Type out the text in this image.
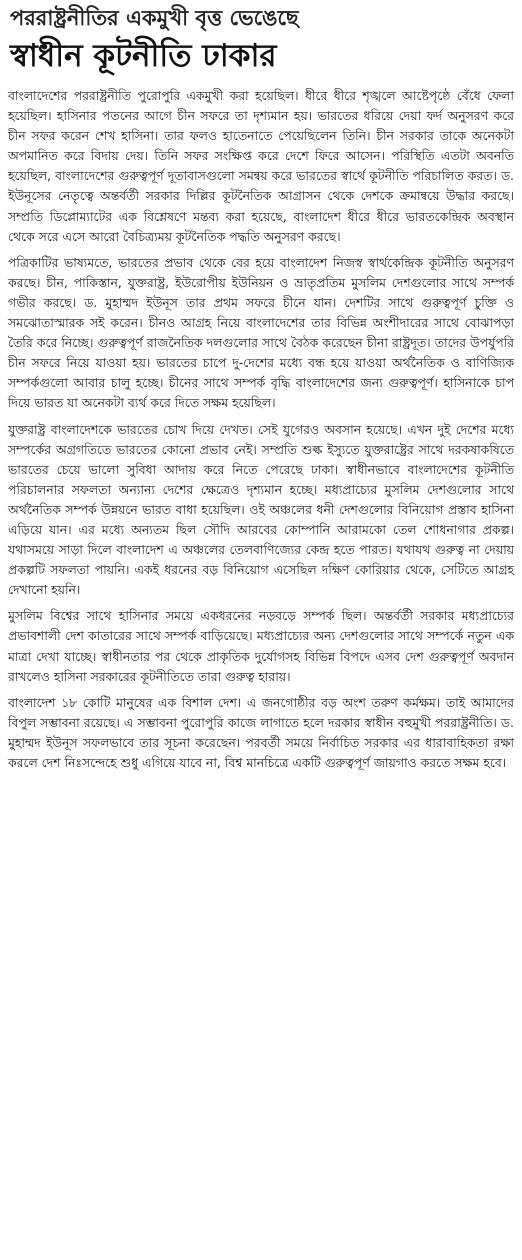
পররাষ্ট্রনীতির একমুখী বৃত্ত ভেঙেছে
স্বাধীন কূটনীতি ঢাকার

বাংলাদেশের পররাষ্ট্রনীতি পুরোপুরি একমুখী করা হয়েছিল। ধীরে ধীরে শৃঙ্খলে আষ্টেপৃষ্ঠে বেঁধে ফেলা হয়েছিল। হাসিনার পতনের আগে চীন সফরে তা দৃশ্যমান হয়। ভারতের ধরিয়ে দেয়া ফর্দ অনুসরণ করে চীন সফর করেন শেখ হাসিনা। তার ফলও হাতেনাতে পেয়েছিলেন তিনি। চীন সরকার তাকে অনেকটা অপমানিত করে বিদায় দেয়। তিনি সফর সংক্ষিপ্ত করে দেশে ফিরে আসেন। পরিস্থিতি এতটা অবনতি হয়েছিল, বাংলাদেশের গুরুত্বপূর্ণ দূতাবাসগুলো সমন্বয় করে ভারতের স্বার্থে কূটনীতি পরিচালিত করত। ড. ইউনূসের নেতৃত্বে অন্তর্বর্তী সরকার দিল্লির কূটনৈতিক আগ্রাসন থেকে দেশকে ক্রমান্বয়ে উদ্ধার করছে। সম্প্রতি ডিপ্লোম্যাটের এক বিশ্লেষণে মন্তব্য করা হয়েছে, বাংলাদেশ ধীরে ধীরে ভারতকেন্দ্রিক অবস্থান থেকে সরে এসে আরো বৈচিত্র্যময় কূটনৈতিক পদ্ধতি অনুসরণ করছে।

পত্রিকাটির ভাষ্যমতে, ভারতের প্রভাব থেকে বের হয়ে বাংলাদেশ নিজস্ব স্বার্থকেন্দ্রিক কূটনীতি অনুসরণ করছে। চীন, পাকিস্তান, যুক্তরাষ্ট্র, ইউরোপীয় ইউনিয়ন ও ভ্রাতৃপ্রতিম মুসলিম দেশগুলোর সাথে সম্পর্ক গভীর করছে। ড. মুহাম্মদ ইউনূস তার প্রথম সফরে চীনে যান। দেশটির সাথে গুরুত্বপূর্ণ চুক্তি ও সমঝোতাস্মারক সই করেন। চীনও আগ্রহ নিয়ে বাংলাদেশের তার বিভিন্ন অংশীদারের সাথে বোঝাপড়া তৈরি করে নিচ্ছে। গুরুত্বপূর্ণ রাজনৈতিক দলগুলোর সাথে বৈঠক করেছেন চীনা রাষ্ট্রদূত। তাদের উপর্যুপরি চীন সফরে নিয়ে যাওয়া হয়। ভারতের চাপে দু-দেশের মধ্যে বন্ধ হয়ে যাওয়া অর্থনৈতিক ও বাণিজ্যিক সম্পর্কগুলো আবার চালু হচ্ছে। চীনের সাথে সম্পর্ক বৃদ্ধি বাংলাদেশের জন্য গুরুত্বপূর্ণ। হাসিনাকে চাপ দিয়ে ভারত যা অনেকটা ব্যর্থ করে দিতে সক্ষম হয়েছিল।

যুক্তরাষ্ট্র বাংলাদেশকে ভারতের চোখ দিয়ে দেখত। সেই যুগেরও অবসান হয়েছে। এখন দুই দেশের মধ্যে সম্পর্কের অগ্রগতিতে ভারতের কোনো প্রভাব নেই। সম্প্রতি শুল্ক ইস্যুতে যুক্তরাষ্ট্রের সাথে দরকষাকষিতে ভারতের চেয়ে ভালো সুবিধা আদায় করে নিতে পেরেছে ঢাকা। স্বাধীনভাবে বাংলাদেশের কূটনীতি পরিচালনার সফলতা অন্যান্য দেশের ক্ষেত্রেও দৃশ্যমান হচ্ছে। মধ্যপ্রাচ্যের মুসলিম দেশগুলোর সাথে অর্থনৈতিক সম্পর্ক উন্নয়নে ভারত বাধা হয়েছিল। ওই অঞ্চলের ধনী দেশগুলোর বিনিয়োগ প্রস্তাব হাসিনা এড়িয়ে যান। এর মধ্যে অন্যতম ছিল সৌদি আরবের কোম্পানি আরামকো তেল শোধনাগার প্রকল্প। যথাসময়ে সাড়া দিলে বাংলাদেশ এ অঞ্চলের তেলবাণিজ্যের কেন্দ্র হতে পারত। যথাযথ গুরুত্ব না দেয়ায় প্রকল্পটি সফলতা পায়নি। একই ধরনের বড় বিনিয়োগ এসেছিল দক্ষিণ কোরিয়ার থেকে, সেটিতে আগ্রহ দেখানো হয়নি।

মুসলিম বিশ্বের সাথে হাসিনার সময়ে একধরনের নড়বড়ে সম্পর্ক ছিল। অন্তর্বর্তী সরকার মধ্যপ্রাচ্যের প্রভাবশালী দেশ কাতারের সাথে সম্পর্ক বাড়িয়েছে। মধ্যপ্রাচ্যের অন্য দেশগুলোর সাথে সম্পর্কে নতুন এক মাত্রা দেখা যাচ্ছে। স্বাধীনতার পর থেকে প্রাকৃতিক দুর্যোগসহ বিভিন্ন বিপদে এসব দেশ গুরুত্বপূর্ণ অবদান রাখলেও হাসিনা সরকারের কূটনীতিতে তারা গুরুত্ব হারায়।

বাংলাদেশ ১৮ কোটি মানুষের এক বিশাল দেশ। এ জনগোষ্ঠীর বড় অংশ তরুণ কর্মক্ষম। তাই আমাদের বিপুল সম্ভাবনা রয়েছে। এ সম্ভাবনা পুরোপুরি কাজে লাগাতে হলে দরকার স্বাধীন বহুমুখী পররাষ্ট্রনীতি। ড. মুহাম্মদ ইউনূস সফলভাবে তার সূচনা করেছেন। পরবর্তী সময়ে নির্বাচিত সরকার এর ধারাবাহিকতা রক্ষা করলে দেশ নিঃসন্দেহে শুধু এগিয়ে যাবে না, বিশ্ব মানচিত্রে একটি গুরুত্বপূর্ণ জায়গাও করতে সক্ষম হবে।
